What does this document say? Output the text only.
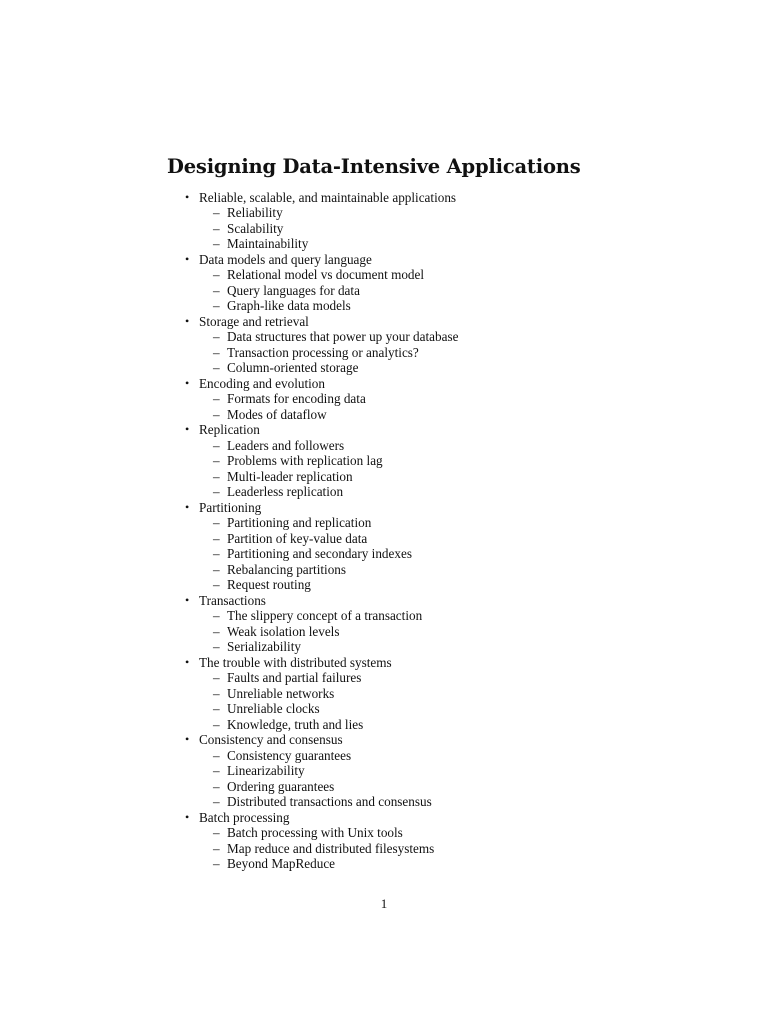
Designing Data-Intensive Applications
• Reliable, scalable, and maintainable applications
– Reliability
– Scalability
– Maintainability
• Data models and query language
– Relational model vs document model
– Query languages for data
– Graph-like data models
• Storage and retrieval
– Data structures that power up your database
– Transaction processing or analytics?
– Column-oriented storage
• Encoding and evolution
– Formats for encoding data
– Modes of dataflow
• Replication
– Leaders and followers
– Problems with replication lag
– Multi-leader replication
– Leaderless replication
• Partitioning
– Partitioning and replication
– Partition of key-value data
– Partitioning and secondary indexes
– Rebalancing partitions
– Request routing
• Transactions
– The slippery concept of a transaction
– Weak isolation levels
– Serializability
• The trouble with distributed systems
– Faults and partial failures
– Unreliable networks
– Unreliable clocks
– Knowledge, truth and lies
• Consistency and consensus
– Consistency guarantees
– Linearizability
– Ordering guarantees
– Distributed transactions and consensus
• Batch processing
– Batch processing with Unix tools
– Map reduce and distributed filesystems
– Beyond MapReduce
1
